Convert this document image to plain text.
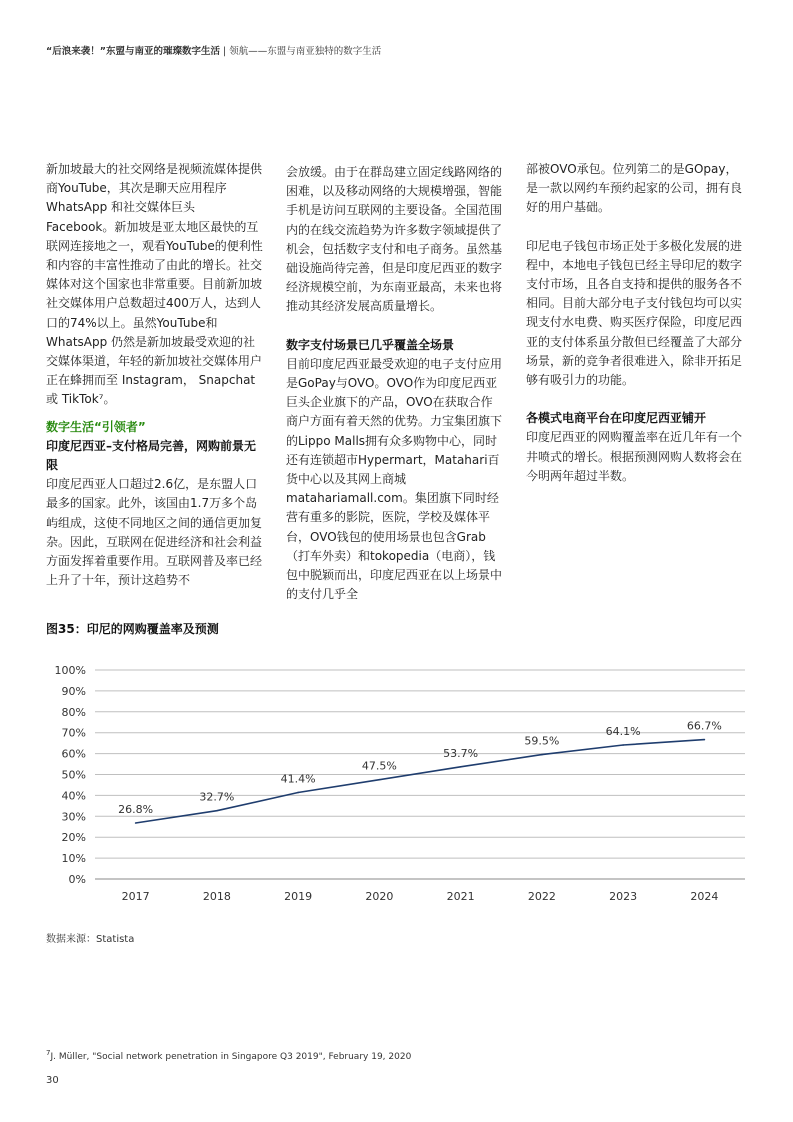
“后浪来袭！”东盟与南亚的璀璨数字生活 | 领航——东盟与南亚独特的数字生活

新加坡最大的社交网络是视频流媒体提供商YouTube，其次是聊天应用程序WhatsApp 和社交媒体巨头 Facebook。新加坡是亚太地区最快的互联网连接地之一，观看YouTube的便利性和内容的丰富性推动了由此的增长。社交媒体对这个国家也非常重要。目前新加坡社交媒体用户总数超过400万人，达到人口的74%以上。虽然YouTube和WhatsApp 仍然是新加坡最受欢迎的社交媒体渠道，年轻的新加坡社交媒体用户正在蜂拥而至 Instagram， Snapchat或 TikTok⁷。

数字生活“引领者”

印度尼西亚–支付格局完善，网购前景无限

印度尼西亚人口超过2.6亿，是东盟人口最多的国家。此外，该国由1.7万多个岛屿组成，这使不同地区之间的通信更加复杂。因此，互联网在促进经济和社会利益方面发挥着重要作用。互联网普及率已经上升了十年，预计这趋势不

会放缓。由于在群岛建立固定线路网络的困难，以及移动网络的大规模增强，智能手机是访问互联网的主要设备。全国范围内的在线交流趋势为许多数字领域提供了机会，包括数字支付和电子商务。虽然基础设施尚待完善，但是印度尼西亚的数字经济规模空前，为东南亚最高，未来也将推动其经济发展高质量增长。

数字支付场景已几乎覆盖全场景

目前印度尼西亚最受欢迎的电子支付应用是GoPay与OVO。OVO作为印度尼西亚巨头企业旗下的产品，OVO在获取合作商户方面有着天然的优势。力宝集团旗下的Lippo Malls拥有众多购物中心，同时还有连锁超市Hypermart，Matahari百货中心以及其网上商城matahariamall.com。集团旗下同时经营有重多的影院，医院，学校及媒体平台，OVO钱包的使用场景也包含Grab（打车外卖）和tokopedia（电商），钱包中脱颖而出，印度尼西亚在以上场景中的支付几乎全

部被OVO承包。位列第二的是GOpay，是一款以网约车预约起家的公司，拥有良好的用户基础。

印尼电子钱包市场正处于多极化发展的进程中，本地电子钱包已经主导印尼的数字支付市场，且各自支持和提供的服务各不相同。目前大部分电子支付钱包均可以实现支付水电费、购买医疗保险，印度尼西亚的支付体系虽分散但已经覆盖了大部分场景，新的竞争者很难进入，除非开拓足够有吸引力的功能。

各模式电商平台在印度尼西亚铺开

印度尼西亚的网购覆盖率在近几年有一个井喷式的增长。根据预测网购人数将会在今明两年超过半数。

图35：印尼的网购覆盖率及预测
0%
10%
20%
30%
40%
50%
60%
70%
80%
90%
100%
2017	2018	2019	2020	2021	2022	2023	2024
26.8%
32.7%
41.4%
47.5%
53.7%
59.5%
64.1%	66.7%
数据来源：Statista
$^7$J. Müller, "Social network penetration in Singapore Q3 2019", February 19, 2020
30
